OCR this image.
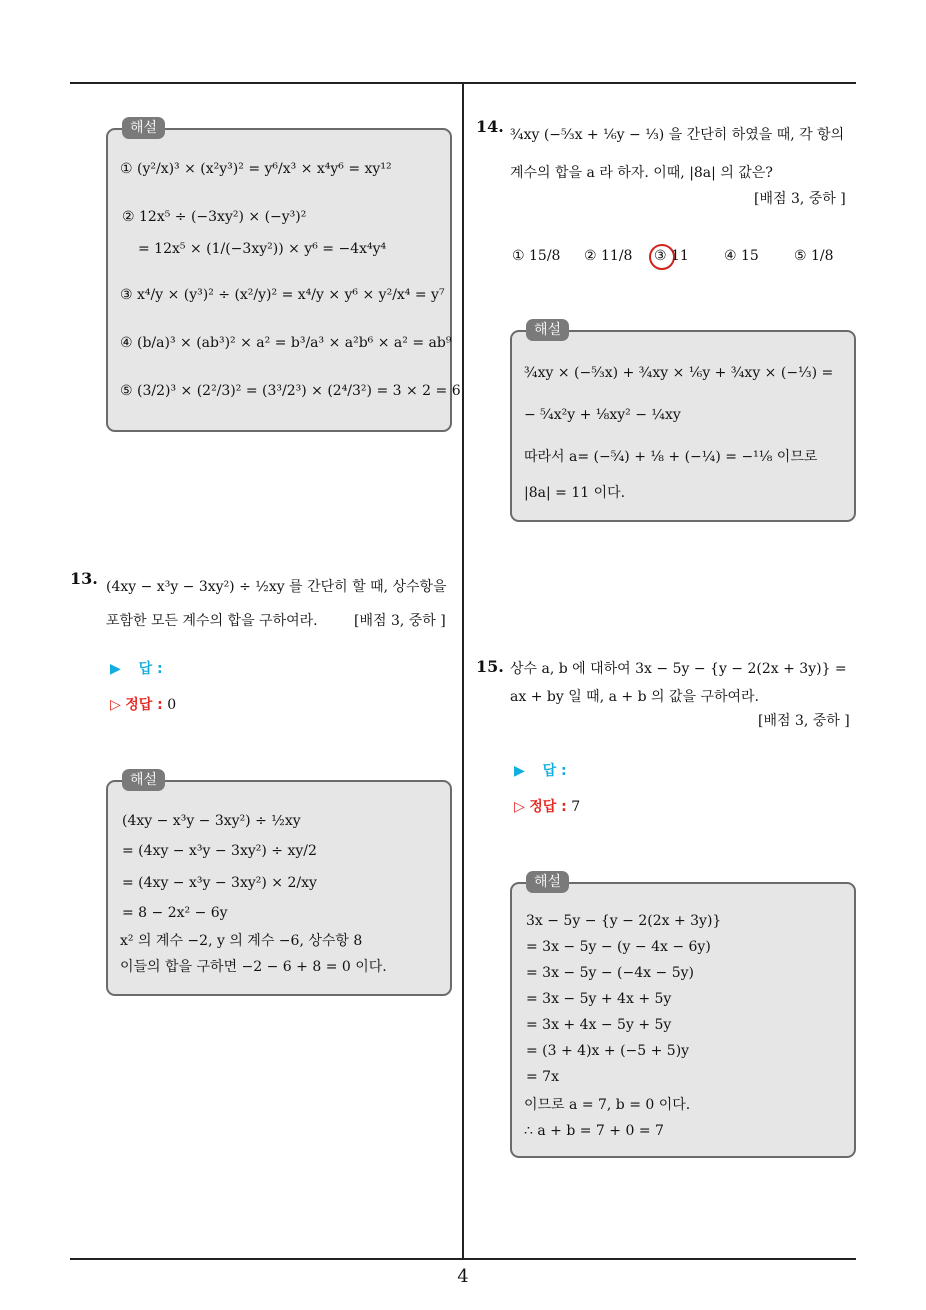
해설
① (y²/x)³ × (x²y³)² = y⁶/x³ × x⁴y⁶ = xy¹²
② 12x⁵ ÷ (−3xy²) × (−y³)²
= 12x⁵ × (1/(−3xy²)) × y⁶ = −4x⁴y⁴
③ x⁴/y × (y³)² ÷ (x²/y)² = x⁴/y × y⁶ × y²/x⁴ = y⁷
④ (b/a)³ × (ab³)² × a² = b³/a³ × a²b⁶ × a² = ab⁹
⑤ (3/2)³ × (2²/3)² = (3³/2³) × (2⁴/3²) = 3 × 2 = 6
13. (4xy − x³y − 3xy²) ÷ ½xy 를 간단히 할 때, 상수항을
포함한 모든 계수의 합을 구하여라.	[배점 3, 중하 ]
▶ 답 :
▷ 정답 : 0
해설
(4xy − x³y − 3xy²) ÷ ½xy
= (4xy − x³y − 3xy²) ÷ xy/2
= (4xy − x³y − 3xy²) × 2/xy
= 8 − 2x² − 6y
x² 의 계수 −2, y 의 계수 −6, 상수항 8
이들의 합을 구하면 −2 − 6 + 8 = 0 이다.
14. ¾xy (−⁵⁄₃x + ⅙y − ⅓) 을 간단히 하였을 때, 각 항의
계수의 합을 a 라 하자. 이때, |8a| 의 값은?
[배점 3, 중하 ]
① 15/8 ② 11/8 ③ 11	④ 15	⑤ 1/8
해설
¾xy × (−⁵⁄₃x) + ¾xy × ⅙y + ¾xy × (−⅓) =
− ⁵⁄₄x²y + ⅛xy² − ¼xy
따라서 a= (−⁵⁄₄) + ⅛ + (−¼) = −¹¹⁄₈ 이므로
|8a| = 11 이다.
15. 상수 a, b 에 대하여 3x − 5y − {y − 2(2x + 3y)} =
ax + by 일 때, a + b 의 값을 구하여라.
[배점 3, 중하 ]
▶ 답 :
▷ 정답 : 7
해설
3x − 5y − {y − 2(2x + 3y)}
= 3x − 5y − (y − 4x − 6y)
= 3x − 5y − (−4x − 5y)
= 3x − 5y + 4x + 5y
= 3x + 4x − 5y + 5y
= (3 + 4)x + (−5 + 5)y
= 7x
이므로 a = 7, b = 0 이다.
∴ a + b = 7 + 0 = 7
4
